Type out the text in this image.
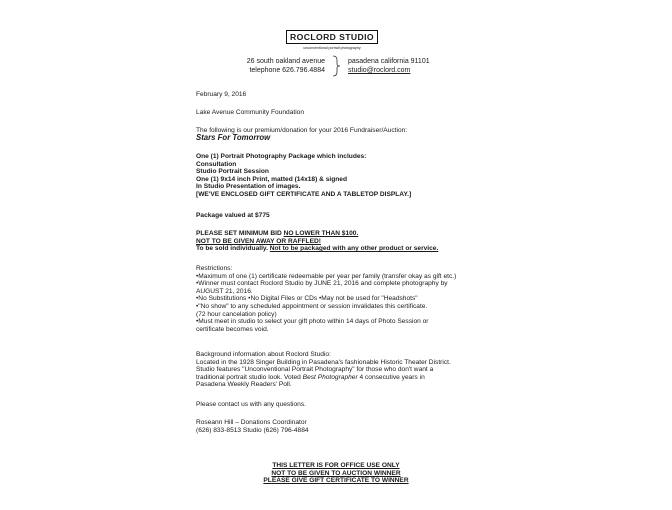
ROCLORD STUDIO
unconventional portrait photography
26 south oakland avenue
telephone 626.796.4884
pasadena california 91101
studio@roclord.com
February 9, 2016
Lake Avenue Community Foundation
The following is our premium/donation for your 2016 Fundraiser/Auction:
Stars For Tomorrow
One (1) Portrait Photography Package which includes:
Consultation
Studio Portrait Session
One (1) 9x14 inch Print, matted (14x18) & signed
In Studio Presentation of images.
[WE'VE ENCLOSED GIFT CERTIFICATE AND A TABLETOP DISPLAY.]
Package valued at $775
PLEASE SET MINIMUM BID NO LOWER THAN $100.
NOT TO BE GIVEN AWAY OR RAFFLED!
To be sold individually. Not to be packaged with any other product or service.
Restrictions:
•Maximum of one (1) certificate redeemable per year per family (transfer okay as gift etc.)
•Winner must contact Roclord Studio by JUNE 21, 2016 and complete photography by
AUGUST 21, 2016.
•No Substitutions •No Digital Files or CDs •May not be used for "Headshots"
•"No show" to any scheduled appointment or session invalidates this certificate.
(72 hour cancelation policy)
•Must meet in studio to select your gift photo within 14 days of Photo Session or
certificate becomes void.
Background information about Roclord Studio:
Located in the 1928 Singer Building in Pasadena's fashionable Historic Theater District.
Studio features "Unconventional Portrait Photography" for those who don't want a
traditional portrait studio look. Voted Best Photographer 4 consecutive years in
Pasadena Weekly Readers' Poll.
Please contact us with any questions.
Roseann Hill – Donations Coordinator
(626) 833-8513 Studio (626) 796-4884
THIS LETTER IS FOR OFFICE USE ONLY
NOT TO BE GIVEN TO AUCTION WINNER
PLEASE GIVE GIFT CERTIFICATE TO WINNER
